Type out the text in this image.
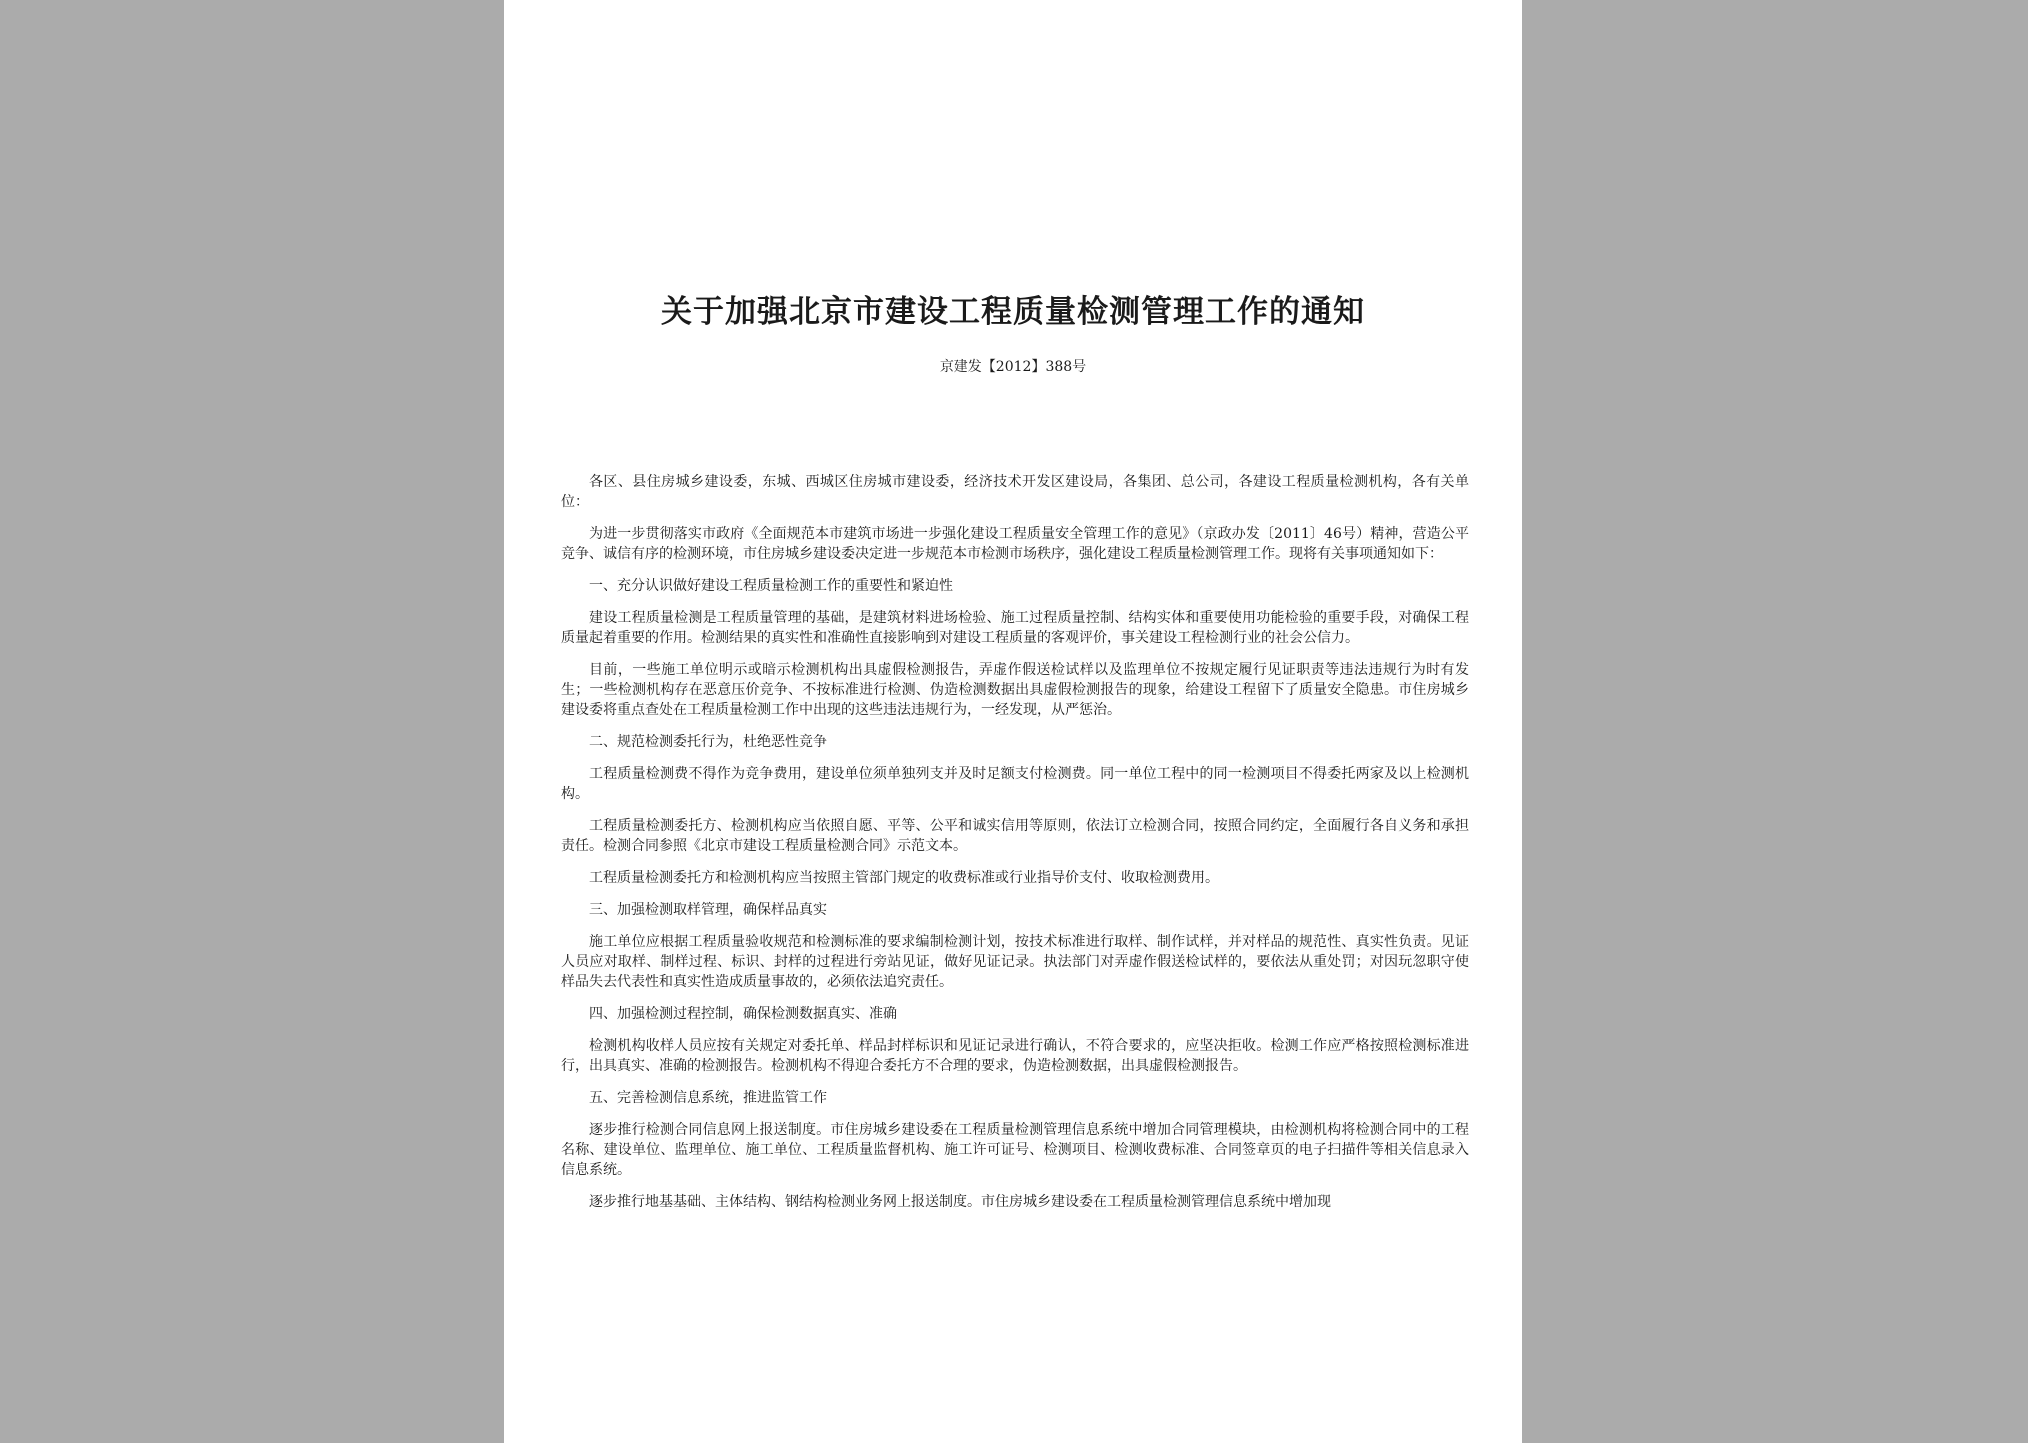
关于加强北京市建设工程质量检测管理工作的通知
京建发【2012】388号

各区、县住房城乡建设委，东城、西城区住房城市建设委，经济技术开发区建设局，各集团、总公司，各建设工程质量检测机构，各有关单位：

为进一步贯彻落实市政府《全面规范本市建筑市场进一步强化建设工程质量安全管理工作的意见》（京政办发〔2011〕46号）精神，营造公平竞争、诚信有序的检测环境，市住房城乡建设委决定进一步规范本市检测市场秩序，强化建设工程质量检测管理工作。现将有关事项通知如下：

一、充分认识做好建设工程质量检测工作的重要性和紧迫性

建设工程质量检测是工程质量管理的基础，是建筑材料进场检验、施工过程质量控制、结构实体和重要使用功能检验的重要手段，对确保工程质量起着重要的作用。检测结果的真实性和准确性直接影响到对建设工程质量的客观评价，事关建设工程检测行业的社会公信力。

目前，一些施工单位明示或暗示检测机构出具虚假检测报告，弄虚作假送检试样以及监理单位不按规定履行见证职责等违法违规行为时有发生；一些检测机构存在恶意压价竞争、不按标准进行检测、伪造检测数据出具虚假检测报告的现象，给建设工程留下了质量安全隐患。市住房城乡建设委将重点查处在工程质量检测工作中出现的这些违法违规行为，一经发现，从严惩治。

二、规范检测委托行为，杜绝恶性竞争

工程质量检测费不得作为竞争费用，建设单位须单独列支并及时足额支付检测费。同一单位工程中的同一检测项目不得委托两家及以上检测机构。

工程质量检测委托方、检测机构应当依照自愿、平等、公平和诚实信用等原则，依法订立检测合同，按照合同约定，全面履行各自义务和承担责任。检测合同参照《北京市建设工程质量检测合同》示范文本。

工程质量检测委托方和检测机构应当按照主管部门规定的收费标准或行业指导价支付、收取检测费用。

三、加强检测取样管理，确保样品真实

施工单位应根据工程质量验收规范和检测标准的要求编制检测计划，按技术标准进行取样、制作试样，并对样品的规范性、真实性负责。见证人员应对取样、制样过程、标识、封样的过程进行旁站见证，做好见证记录。执法部门对弄虚作假送检试样的，要依法从重处罚；对因玩忽职守使样品失去代表性和真实性造成质量事故的，必须依法追究责任。

四、加强检测过程控制，确保检测数据真实、准确

检测机构收样人员应按有关规定对委托单、样品封样标识和见证记录进行确认，不符合要求的，应坚决拒收。检测工作应严格按照检测标准进行，出具真实、准确的检测报告。检测机构不得迎合委托方不合理的要求，伪造检测数据，出具虚假检测报告。

五、完善检测信息系统，推进监管工作

逐步推行检测合同信息网上报送制度。市住房城乡建设委在工程质量检测管理信息系统中增加合同管理模块，由检测机构将检测合同中的工程名称、建设单位、监理单位、施工单位、工程质量监督机构、施工许可证号、检测项目、检测收费标准、合同签章页的电子扫描件等相关信息录入信息系统。

逐步推行地基基础、主体结构、钢结构检测业务网上报送制度。市住房城乡建设委在工程质量检测管理信息系统中增加现
